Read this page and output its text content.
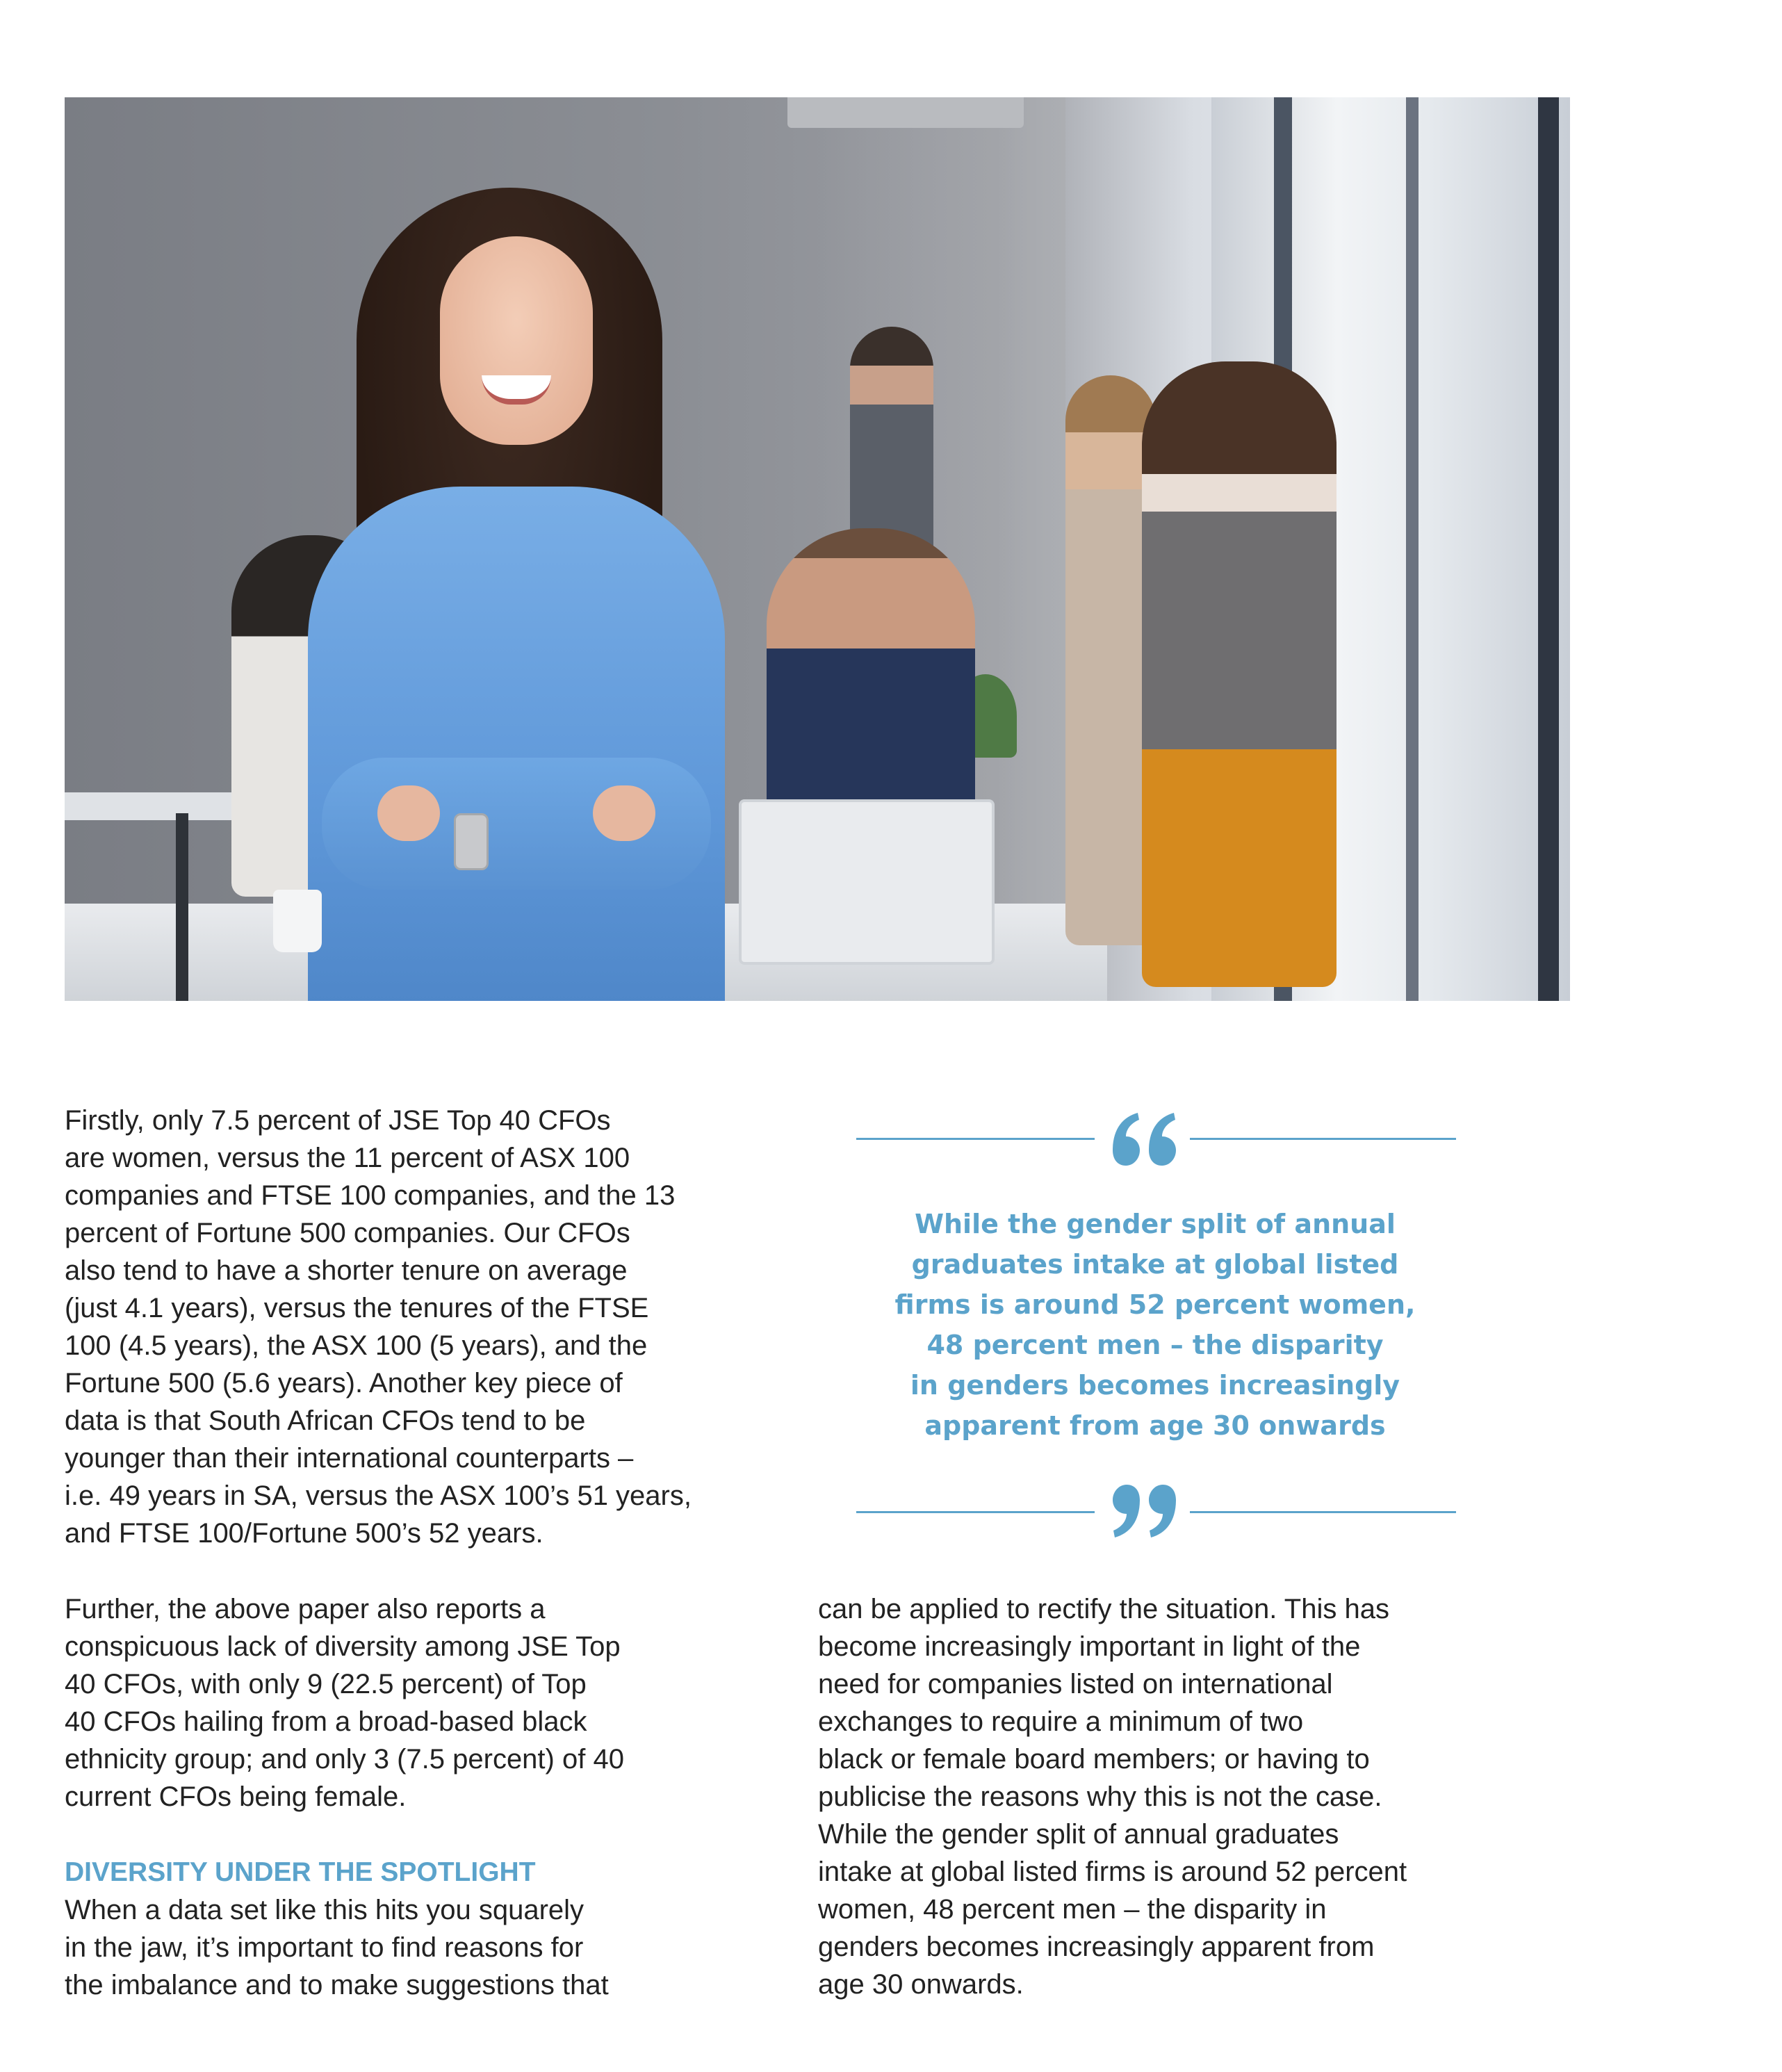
Firstly, only 7.5 percent of JSE Top 40 CFOs
are women, versus the 11 percent of ASX 100
companies and FTSE 100 companies, and the 13
percent of Fortune 500 companies. Our CFOs
also tend to have a shorter tenure on average
(just 4.1 years), versus the tenures of the FTSE
100 (4.5 years), the ASX 100 (5 years), and the
Fortune 500 (5.6 years). Another key piece of
data is that South African CFOs tend to be
younger than their international counterparts –
i.e. 49 years in SA, versus the ASX 100’s 51 years,
and FTSE 100/Fortune 500’s 52 years.

Further, the above paper also reports a
conspicuous lack of diversity among JSE Top
40 CFOs, with only 9 (22.5 percent) of Top
40 CFOs hailing from a broad-based black
ethnicity group; and only 3 (7.5 percent) of 40
current CFOs being female.

DIVERSITY UNDER THE SPOTLIGHT

When a data set like this hits you squarely
in the jaw, it’s important to find reasons for
the imbalance and to make suggestions that

While the gender split of annual
graduates intake at global listed
firms is around 52 percent women,
48 percent men – the disparity
in genders becomes increasingly
apparent from age 30 onwards

can be applied to rectify the situation. This has
become increasingly important in light of the
need for companies listed on international
exchanges to require a minimum of two
black or female board members; or having to
publicise the reasons why this is not the case.
While the gender split of annual graduates
intake at global listed firms is around 52 percent
women, 48 percent men – the disparity in
genders becomes increasingly apparent from
age 30 onwards.
